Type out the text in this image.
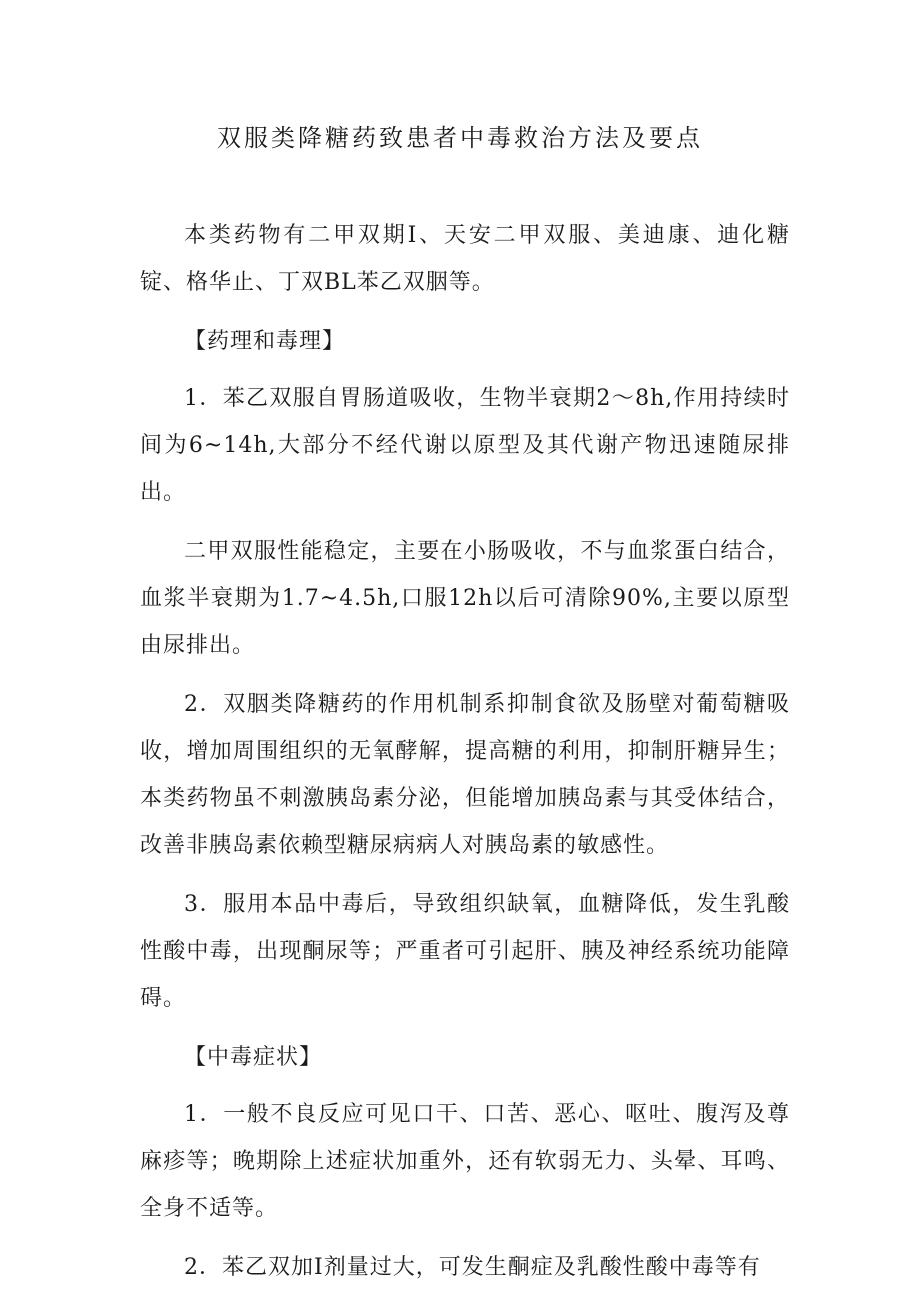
双服类降糖药致患者中毒救治方法及要点

本类药物有二甲双期Ⅰ、天安二甲双服、美迪康、迪化糖锭、格华止、丁双BL苯乙双胭等。

【药理和毒理】

1．苯乙双服自胃肠道吸收，生物半衰期2～8h,作用持续时间为6~14h,大部分不经代谢以原型及其代谢产物迅速随尿排出。

二甲双服性能稳定，主要在小肠吸收，不与血浆蛋白结合，血浆半衰期为1.7~4.5h,口服12h以后可清除90%,主要以原型由尿排出。

2．双胭类降糖药的作用机制系抑制食欲及肠壁对葡萄糖吸收，增加周围组织的无氧酵解，提高糖的利用，抑制肝糖异生；本类药物虽不刺激胰岛素分泌，但能增加胰岛素与其受体结合，改善非胰岛素依赖型糖尿病病人对胰岛素的敏感性。

3．服用本品中毒后，导致组织缺氧，血糖降低，发生乳酸性酸中毒，出现酮尿等；严重者可引起肝、胰及神经系统功能障碍。

【中毒症状】

1．一般不良反应可见口干、口苦、恶心、呕吐、腹泻及尊麻疹等；晚期除上述症状加重外，还有软弱无力、头晕、耳鸣、全身不适等。

2．苯乙双加Ⅰ剂量过大，可发生酮症及乳酸性酸中毒等有
